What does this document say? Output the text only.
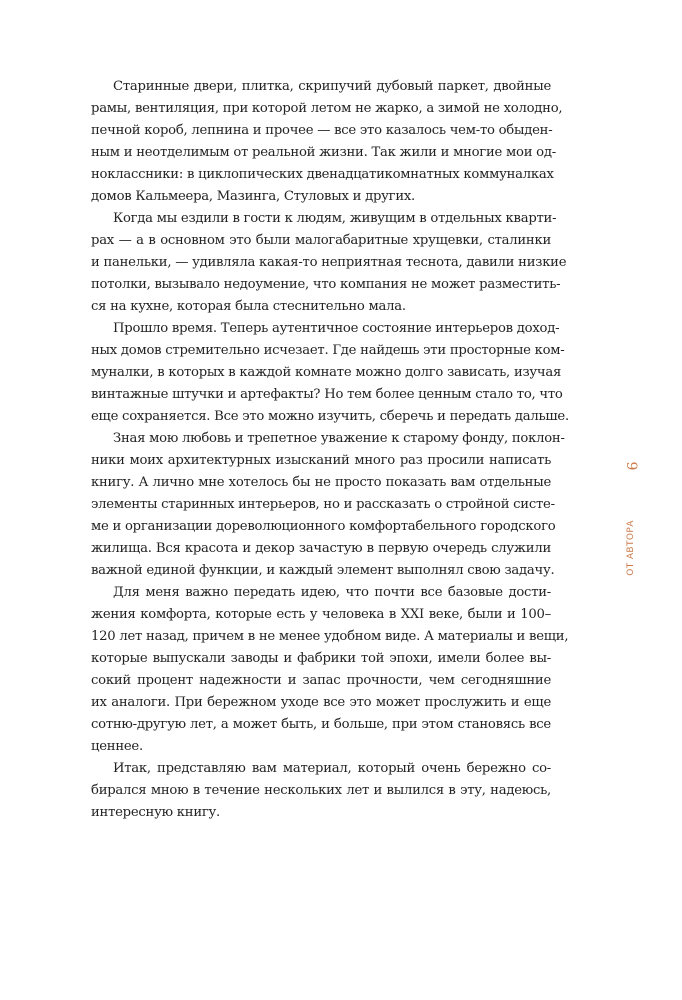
Старинные двери, плитка, скрипучий дубовый паркет, двойные
рамы, вентиляция, при которой летом не жарко, а зимой не холодно,
печной короб, лепнина и прочее — все это казалось чем-то обыден-
ным и неотделимым от реальной жизни. Так жили и многие мои од-
ноклассники: в циклопических двенадцатикомнатных коммуналках
домов Кальмеера, Мазинга, Стуловых и других.

Когда мы ездили в гости к людям, живущим в отдельных кварти-
рах — а в основном это были малогабаритные хрущевки, сталинки
и панельки, — удивляла какая-то неприятная теснота, давили низкие
потолки, вызывало недоумение, что компания не может разместить-
ся на кухне, которая была стеснительно мала.

Прошло время. Теперь аутентичное состояние интерьеров доход-
ных домов стремительно исчезает. Где найдешь эти просторные ком-
муналки, в которых в каждой комнате можно долго зависать, изучая
винтажные штучки и артефакты? Но тем более ценным стало то, что
еще сохраняется. Все это можно изучить, сберечь и передать дальше.

Зная мою любовь и трепетное уважение к старому фонду, поклон-
ники моих архитектурных изысканий много раз просили написать
книгу. А лично мне хотелось бы не просто показать вам отдельные
элементы старинных интерьеров, но и рассказать о стройной систе-
ме и организации дореволюционного комфортабельного городского
жилища. Вся красота и декор зачастую в первую очередь служили
важной единой функции, и каждый элемент выполнял свою задачу.

Для меня важно передать идею, что почти все базовые дости-
жения комфорта, которые есть у человека в XXI веке, были и 100–
120 лет назад, причем в не менее удобном виде. А материалы и вещи,
которые выпускали заводы и фабрики той эпохи, имели более вы-
сокий процент надежности и запас прочности, чем сегодняшние
их аналоги. При бережном уходе все это может прослужить и еще
сотню-другую лет, а может быть, и больше, при этом становясь все
ценнее.

Итак, представляю вам материал, который очень бережно со-
бирался мною в течение нескольких лет и вылился в эту, надеюсь,
интересную книгу.

9
ОТ АВТОРА
